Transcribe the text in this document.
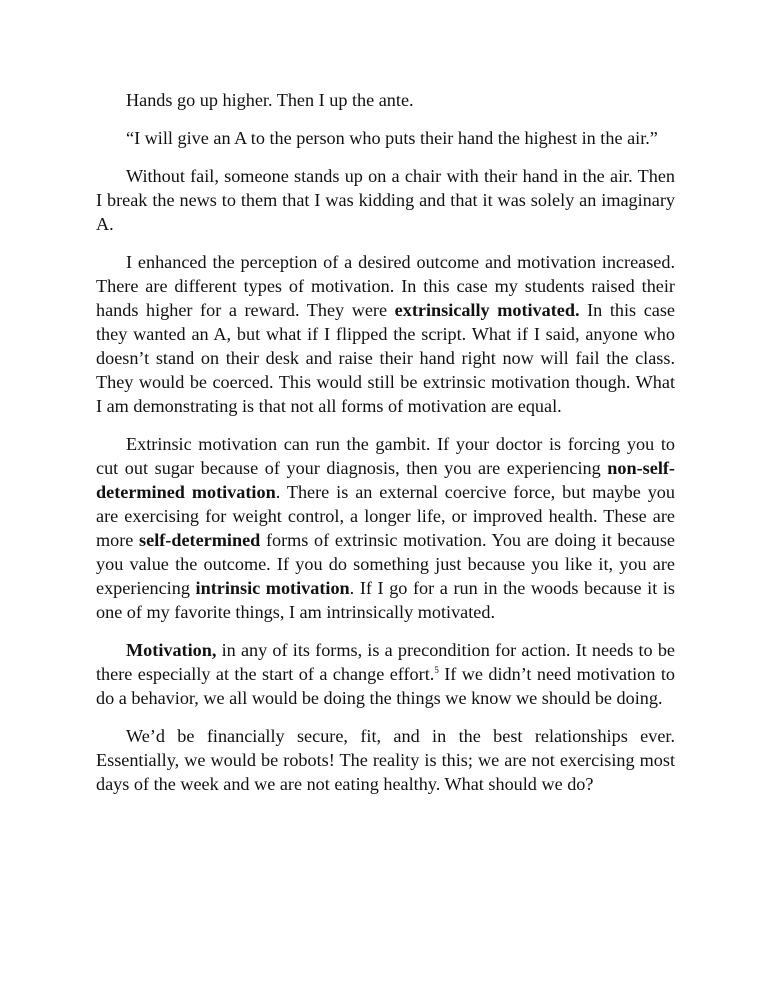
Hands go up higher. Then I up the ante.

“I will give an A to the person who puts their hand the highest in the air.”

Without fail, someone stands up on a chair with their hand in the air. Then I break the news to them that I was kidding and that it was solely an imaginary A.

I enhanced the perception of a desired outcome and motivation increased. There are different types of motivation. In this case my students raised their hands higher for a reward. They were extrinsically motivated. In this case they wanted an A, but what if I flipped the script. What if I said, anyone who doesn’t stand on their desk and raise their hand right now will fail the class. They would be coerced. This would still be extrinsic motivation though. What I am demonstrating is that not all forms of motivation are equal.

Extrinsic motivation can run the gambit. If your doctor is forcing you to cut out sugar because of your diagnosis, then you are experiencing non-self-determined motivation. There is an external coercive force, but maybe you are exercising for weight control, a longer life, or improved health. These are more self-determined forms of extrinsic motivation. You are doing it because you value the outcome. If you do something just because you like it, you are experiencing intrinsic motivation. If I go for a run in the woods because it is one of my favorite things, I am intrinsically motivated.

Motivation, in any of its forms, is a precondition for action. It needs to be there especially at the start of a change effort.$^5$ If we didn’t need motivation to do a behavior, we all would be doing the things we know we should be doing.

We’d be financially secure, fit, and in the best relationships ever. Essentially, we would be robots! The reality is this; we are not exercising most days of the week and we are not eating healthy. What should we do?
